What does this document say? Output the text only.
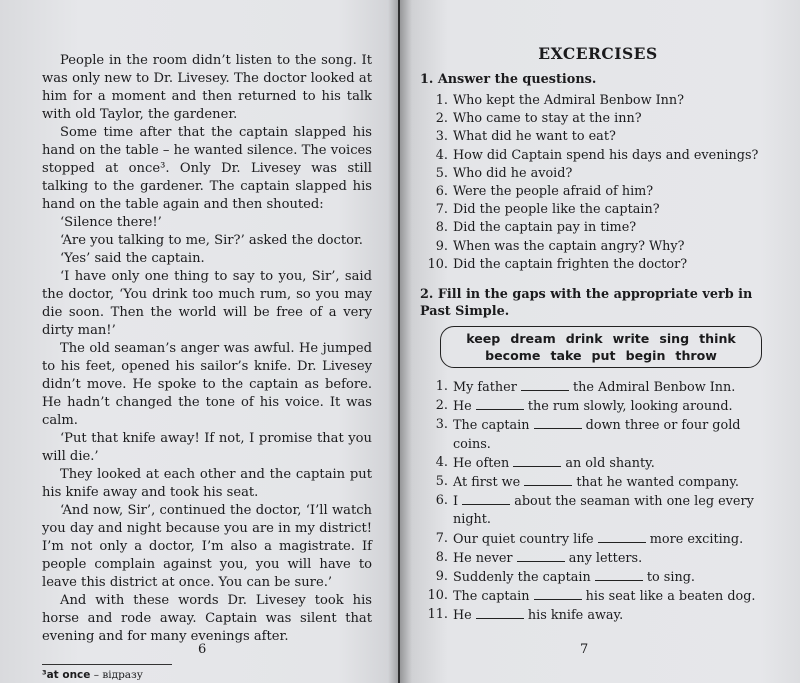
People in the room didn’t listen to the song. It was only new to Dr. Livesey. The doctor looked at him for a moment and then returned to his talk with old Taylor, the gardener.

Some time after that the captain slapped his hand on the table – he wanted silence. The voices stopped at once³. Only Dr. Livesey was still talking to the gardener. The captain slapped his hand on the table again and then shouted:

‘Silence there!’

‘Are you talking to me, Sir?’ asked the doctor.

‘Yes’ said the captain.

‘I have only one thing to say to you, Sir’, said the doctor, ‘You drink too much rum, so you may die soon. Then the world will be free of a very dirty man!’

The old seaman’s anger was awful. He jumped to his feet, opened his sailor’s knife. Dr. Livesey didn’t move. He spoke to the captain as before. He hadn’t changed the tone of his voice. It was calm.

‘Put that knife away! If not, I promise that you will die.’

They looked at each other and the captain put his knife away and took his seat.

‘And now, Sir’, continued the doctor, ‘I’ll watch you day and night because you are in my district! I’m not only a doctor, I’m also a magistrate. If people complain against you, you will have to leave this district at once. You can be sure.’

And with these words Dr. Livesey took his horse and rode away. Captain was silent that evening and for many evenings after.

³at once – відразу
6
EXCERCISES
1. Answer the questions.
1. Who kept the Admiral Benbow Inn?
2. Who came to stay at the inn?
3. What did he want to eat?
4. How did Captain spend his days and evenings?
5. Who did he avoid?
6. Were the people afraid of him?
7. Did the people like the captain?
8. Did the captain pay in time?
9. When was the captain angry? Why?
10. Did the captain frighten the doctor?
2. Fill in the gaps with the appropriate verb in Past Simple.
keep dream drink write sing think
become take put begin throw
1. My father	the Admiral Benbow Inn.
2. He	the rum slowly, looking around.
3. The captain	down three or four gold coins.
4. He often	an old shanty.
5. At first we	that he wanted company.
6. I	about the seaman with one leg every night.
7. Our quiet country life	more exciting.
8. He never	any letters.
9. Suddenly the captain	to sing.
10. The captain	his seat like a beaten dog.
11. He	his knife away.
7
